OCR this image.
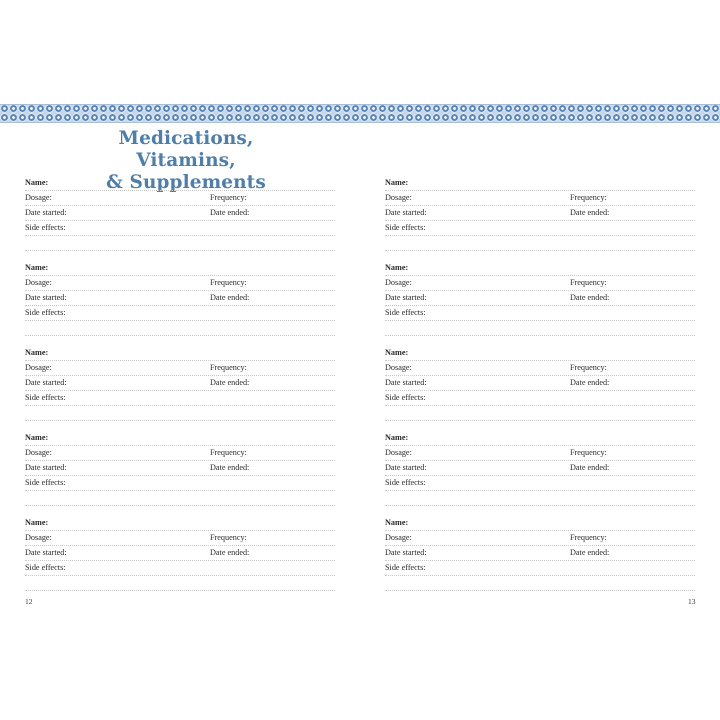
Medications, Vitamins,
& Supplements
Name:
Dosage:	Frequency:
Date started:	Date ended:
Side effects:
Name:
Dosage:	Frequency:
Date started:	Date ended:
Side effects:
Name:
Dosage:	Frequency:
Date started:	Date ended:
Side effects:
Name:
Dosage:	Frequency:
Date started:	Date ended:
Side effects:
Name:
Dosage:	Frequency:
Date started:	Date ended:
Side effects:
Name:
Dosage:	Frequency:
Date started:	Date ended:
Side effects:
Name:
Dosage:	Frequency:
Date started:	Date ended:
Side effects:
Name:
Dosage:	Frequency:
Date started:	Date ended:
Side effects:
Name:
Dosage:	Frequency:
Date started:	Date ended:
Side effects:
Name:
Dosage:	Frequency:
Date started:	Date ended:
Side effects:
12	13
